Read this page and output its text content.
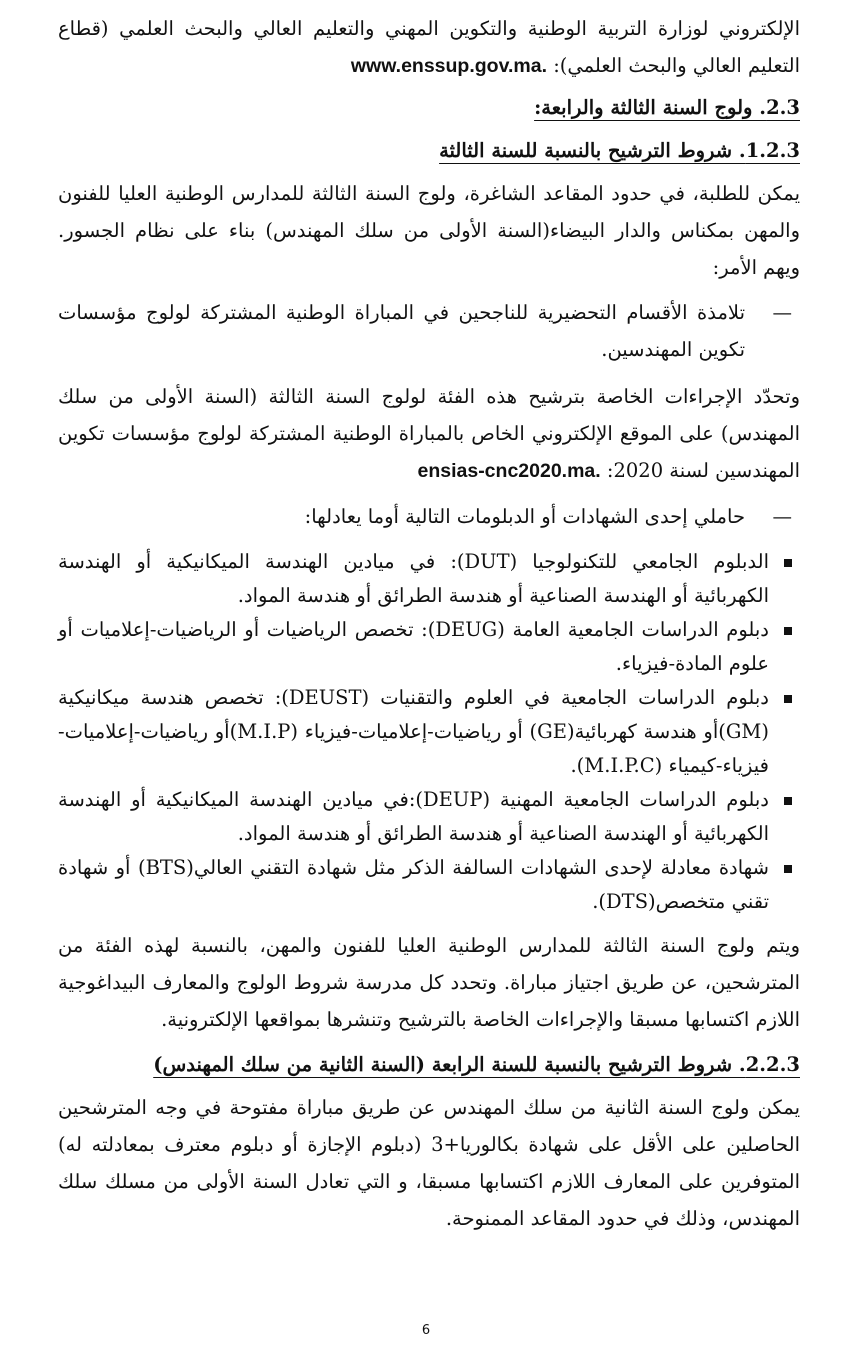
الإلكتروني لوزارة التربية الوطنية والتكوين المهني والتعليم العالي والبحث العلمي (قطاع التعليم العالي والبحث العلمي): www.enssup.gov.ma.

2.3. ولوج السنة الثالثة والرابعة:

1.2.3. شروط الترشيح بالنسبة للسنة الثالثة

يمكن للطلبة، في حدود المقاعد الشاغرة، ولوج السنة الثالثة للمدارس الوطنية العليا للفنون والمهن بمكناس والدار البيضاء(السنة الأولى من سلك المهندس) بناء على نظام الجسور. ويهم الأمر:

—
تلامذة الأقسام التحضيرية للناجحين في المباراة الوطنية المشتركة لولوج مؤسسات تكوين المهندسين.

وتحدّد الإجراءات الخاصة بترشيح هذه الفئة لولوج السنة الثالثة (السنة الأولى من سلك المهندس) على الموقع الإلكتروني الخاص بالمباراة الوطنية المشتركة لولوج مؤسسات تكوين المهندسين لسنة 2020: ensias-cnc2020.ma.

—
حاملي إحدى الشهادات أو الدبلومات التالية أوما يعادلها:

الدبلوم الجامعي للتكنولوجيا (DUT): في ميادين الهندسة الميكانيكية أو الهندسة الكهربائية أو الهندسة الصناعية أو هندسة الطرائق أو هندسة المواد.
دبلوم الدراسات الجامعية العامة (DEUG): تخصص الرياضيات أو الرياضيات-إعلاميات أو علوم المادة-فيزياء.
دبلوم الدراسات الجامعية في العلوم والتقنيات (DEUST): تخصص هندسة ميكانيكية (GM)أو هندسة كهربائية(GE) أو رياضيات-إعلاميات-فيزياء (M.I.P)أو رياضيات-إعلاميات-فيزياء-كيمياء (M.I.P.C).
دبلوم الدراسات الجامعية المهنية (DEUP):في ميادين الهندسة الميكانيكية أو الهندسة الكهربائية أو الهندسة الصناعية أو هندسة الطرائق أو هندسة المواد.
شهادة معادلة لإحدى الشهادات السالفة الذكر مثل شهادة التقني العالي(BTS) أو شهادة تقني متخصص(DTS).

ويتم ولوج السنة الثالثة للمدارس الوطنية العليا للفنون والمهن، بالنسبة لهذه الفئة من المترشحين، عن طريق اجتياز مباراة. وتحدد كل مدرسة شروط الولوج والمعارف البيداغوجية اللازم اكتسابها مسبقا والإجراءات الخاصة بالترشيح وتنشرها بمواقعها الإلكترونية.

2.2.3. شروط الترشيح بالنسبة للسنة الرابعة (السنة الثانية من سلك المهندس)

يمكن ولوج السنة الثانية من سلك المهندس عن طريق مباراة مفتوحة في وجه المترشحين الحاصلين على الأقل على شهادة بكالوريا+3 (دبلوم الإجازة أو دبلوم معترف بمعادلته له) المتوفرين على المعارف اللازم اكتسابها مسبقا، و التي تعادل السنة الأولى من مسلك سلك المهندس، وذلك في حدود المقاعد الممنوحة.

6
